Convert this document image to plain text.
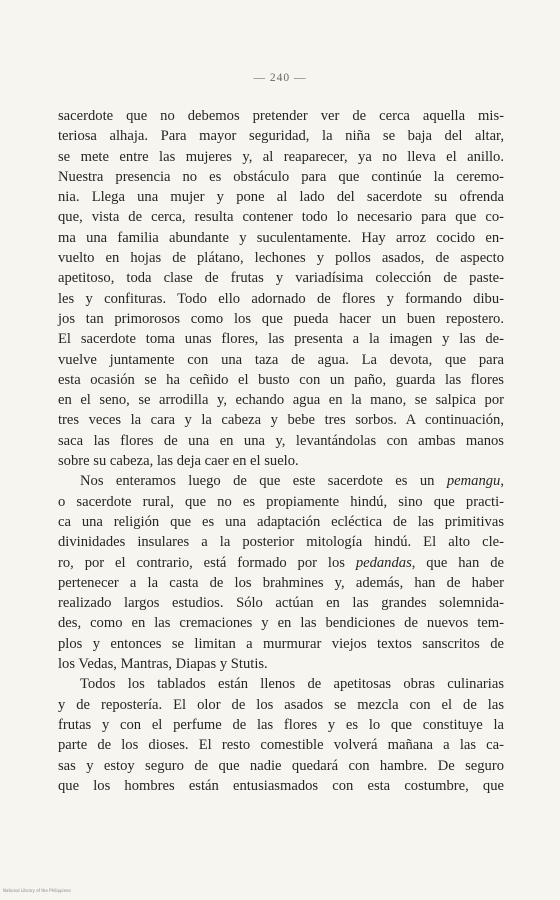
— 240 —
sacerdote que no debemos pretender ver de cerca aquella mis-
teriosa alhaja. Para mayor seguridad, la niña se baja del altar,
se mete entre las mujeres y, al reaparecer, ya no lleva el anillo.
Nuestra presencia no es obstáculo para que continúe la ceremo-
nia. Llega una mujer y pone al lado del sacerdote su ofrenda
que, vista de cerca, resulta contener todo lo necesario para que co-
ma una familia abundante y suculentamente. Hay arroz cocido en-
vuelto en hojas de plátano, lechones y pollos asados, de aspecto
apetitoso, toda clase de frutas y variadísima colección de paste-
les y confituras. Todo ello adornado de flores y formando dibu-
jos tan primorosos como los que pueda hacer un buen repostero.
El sacerdote toma unas flores, las presenta a la imagen y las de-
vuelve juntamente con una taza de agua. La devota, que para
esta ocasión se ha ceñido el busto con un paño, guarda las flores
en el seno, se arrodilla y, echando agua en la mano, se salpica por
tres veces la cara y la cabeza y bebe tres sorbos. A continuación,
saca las flores de una en una y, levantándolas con ambas manos
sobre su cabeza, las deja caer en el suelo.
Nos enteramos luego de que este sacerdote es un pemangu,
o sacerdote rural, que no es propiamente hindú, sino que practi-
ca una religión que es una adaptación ecléctica de las primitivas
divinidades insulares a la posterior mitología hindú. El alto cle-
ro, por el contrario, está formado por los pedandas, que han de
pertenecer a la casta de los brahmines y, además, han de haber
realizado largos estudios. Sólo actúan en las grandes solemnida-
des, como en las cremaciones y en las bendiciones de nuevos tem-
plos y entonces se limitan a murmurar viejos textos sanscritos de
los Vedas, Mantras, Diapas y Stutis.
Todos los tablados están llenos de apetitosas obras culinarias
y de repostería. El olor de los asados se mezcla con el de las
frutas y con el perfume de las flores y es lo que constituye la
parte de los dioses. El resto comestible volverá mañana a las ca-
sas y estoy seguro de que nadie quedará con hambre. De seguro
que los hombres están entusiasmados con esta costumbre, que
National Library of the Philippines
